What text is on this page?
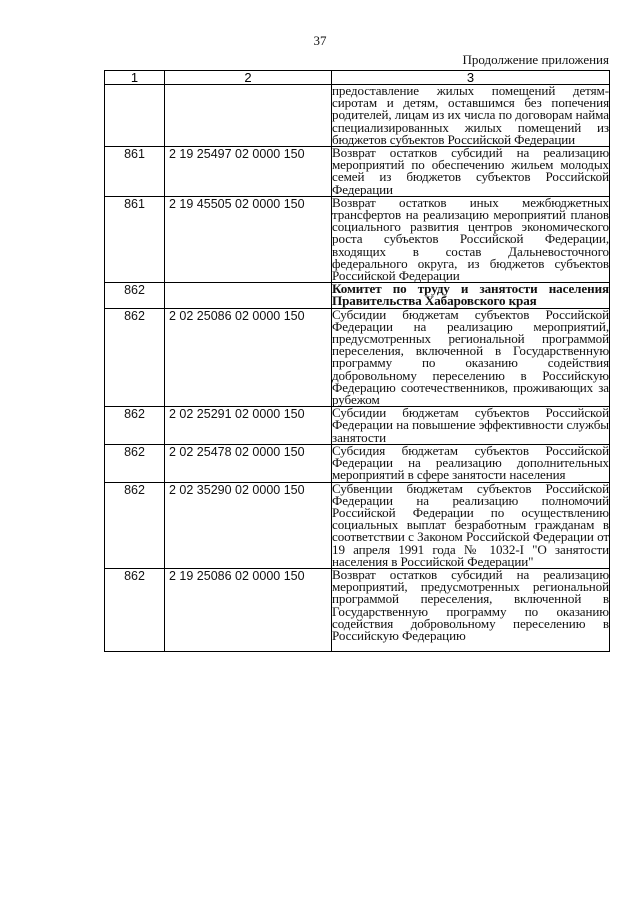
37
Продолжение приложения
1	2	3
		предоставление жилых помещений детям-сиротам и детям, оставшимся без попечения родителей, лицам из их числа по договорам найма специализированных жилых помещений из бюджетов субъектов Российской Федерации
861	2 19 25497 02 0000 150	Возврат остатков субсидий на реализацию мероприятий по обеспечению жильем молодых семей из бюджетов субъектов Российской Федерации
861	2 19 45505 02 0000 150	Возврат остатков иных межбюджетных трансфертов на реализацию мероприятий планов социального развития центров экономического роста субъектов Российской Федерации, входящих в состав Дальневосточного федерального округа, из бюджетов субъектов Российской Федерации
862		Комитет по труду и занятости населения Правительства Хабаровского края
862	2 02 25086 02 0000 150	Субсидии бюджетам субъектов Российской Федерации на реализацию мероприятий, предусмотренных региональной программой переселения, включенной в Государственную программу по оказанию содействия добровольному переселению в Российскую Федерацию соотечественников, проживающих за рубежом
862	2 02 25291 02 0000 150	Субсидии бюджетам субъектов Российской Федерации на повышение эффективности службы занятости
862	2 02 25478 02 0000 150	Субсидия бюджетам субъектов Российской Федерации на реализацию дополнительных мероприятий в сфере занятости населения
862	2 02 35290 02 0000 150	Субвенции бюджетам субъектов Российской Федерации на реализацию полномочий Российской Федерации по осуществлению социальных выплат безработным гражданам в соответствии с Законом Российской Федерации от 19 апреля 1991 года № 1032-I "О занятости населения в Российской Федерации"
862	2 19 25086 02 0000 150	Возврат остатков субсидий на реализацию мероприятий, предусмотренных региональной программой переселения, включенной в Государственную программу по оказанию содействия добровольному переселению в Российскую Федерацию
